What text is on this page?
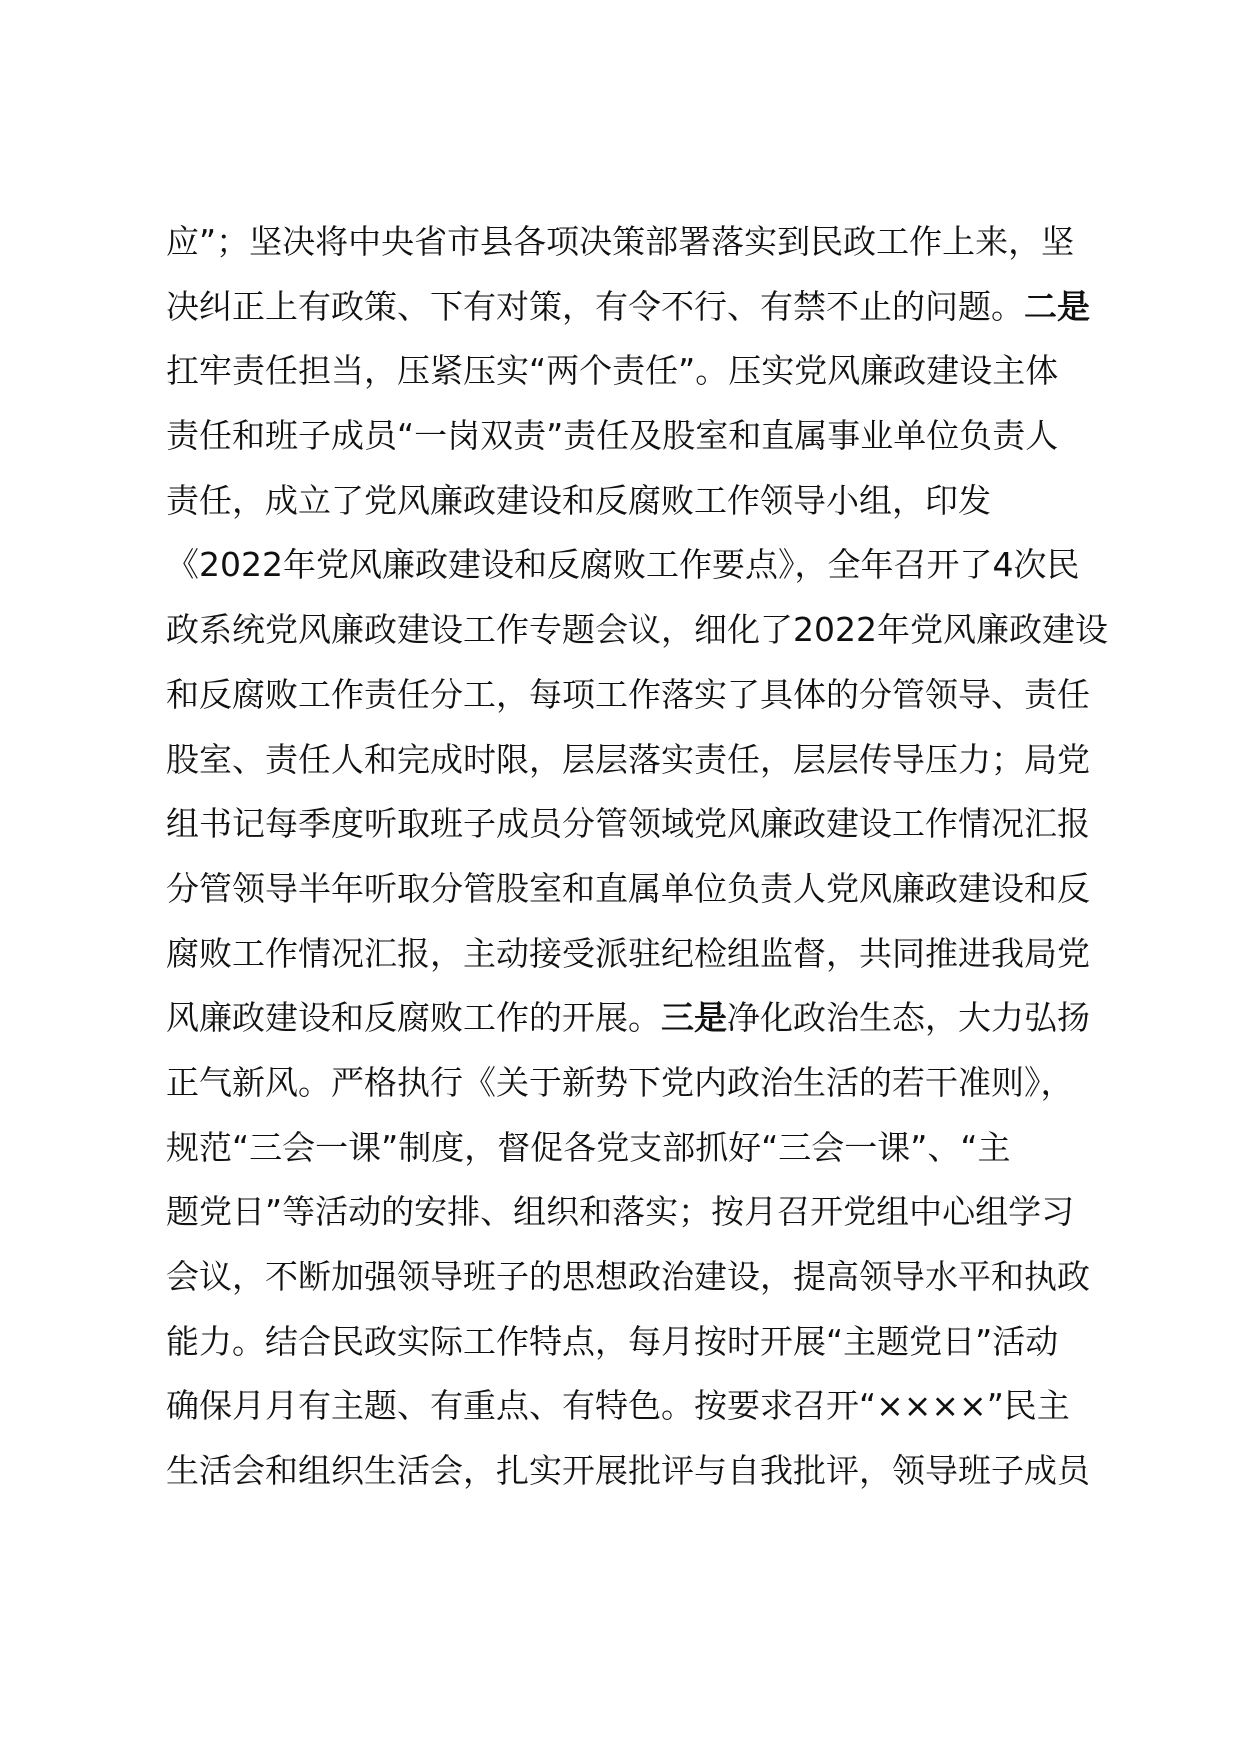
应”；坚决将中央省市县各项决策部署落实到民政工作上来，坚
决纠正上有政策、下有对策，有令不行、有禁不止的问题。二是
扛牢责任担当，压紧压实“两个责任”。压实党风廉政建设主体
责任和班子成员“一岗双责”责任及股室和直属事业单位负责人
责任，成立了党风廉政建设和反腐败工作领导小组，印发
《2022年党风廉政建设和反腐败工作要点》，全年召开了4次民
政系统党风廉政建设工作专题会议，细化了2022年党风廉政建设
和反腐败工作责任分工，每项工作落实了具体的分管领导、责任
股室、责任人和完成时限，层层落实责任，层层传导压力；局党
组书记每季度听取班子成员分管领域党风廉政建设工作情况汇报
分管领导半年听取分管股室和直属单位负责人党风廉政建设和反
腐败工作情况汇报，主动接受派驻纪检组监督，共同推进我局党
风廉政建设和反腐败工作的开展。三是净化政治生态，大力弘扬
正气新风。严格执行《关于新势下党内政治生活的若干准则》，
规范“三会一课”制度，督促各党支部抓好“三会一课”、“主
题党日”等活动的安排、组织和落实；按月召开党组中心组学习
会议，不断加强领导班子的思想政治建设，提高领导水平和执政
能力。结合民政实际工作特点，每月按时开展“主题党日”活动
确保月月有主题、有重点、有特色。按要求召开“××××”民主
生活会和组织生活会，扎实开展批评与自我批评，领导班子成员
